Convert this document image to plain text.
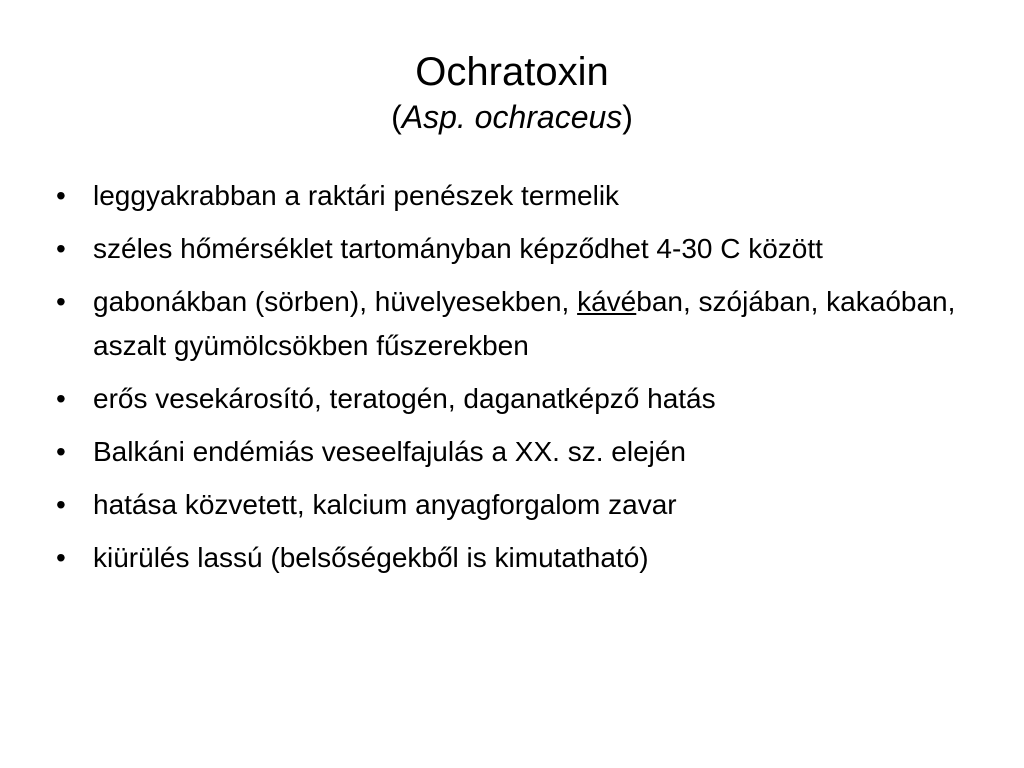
Ochratoxin

(Asp. ochraceus)

• leggyakrabban a raktári penészek termelik
• széles hőmérséklet tartományban képződhet 4-30 C között
• gabonákban (sörben), hüvelyesekben, kávéban, szójában, kakaóban, aszalt gyümölcsökben fűszerekben
• erős vesekárosító, teratogén, daganatképző hatás
• Balkáni endémiás veseelfajulás a XX. sz. elején
• hatása közvetett, kalcium anyagforgalom zavar
• kiürülés lassú (belsőségekből is kimutatható)
